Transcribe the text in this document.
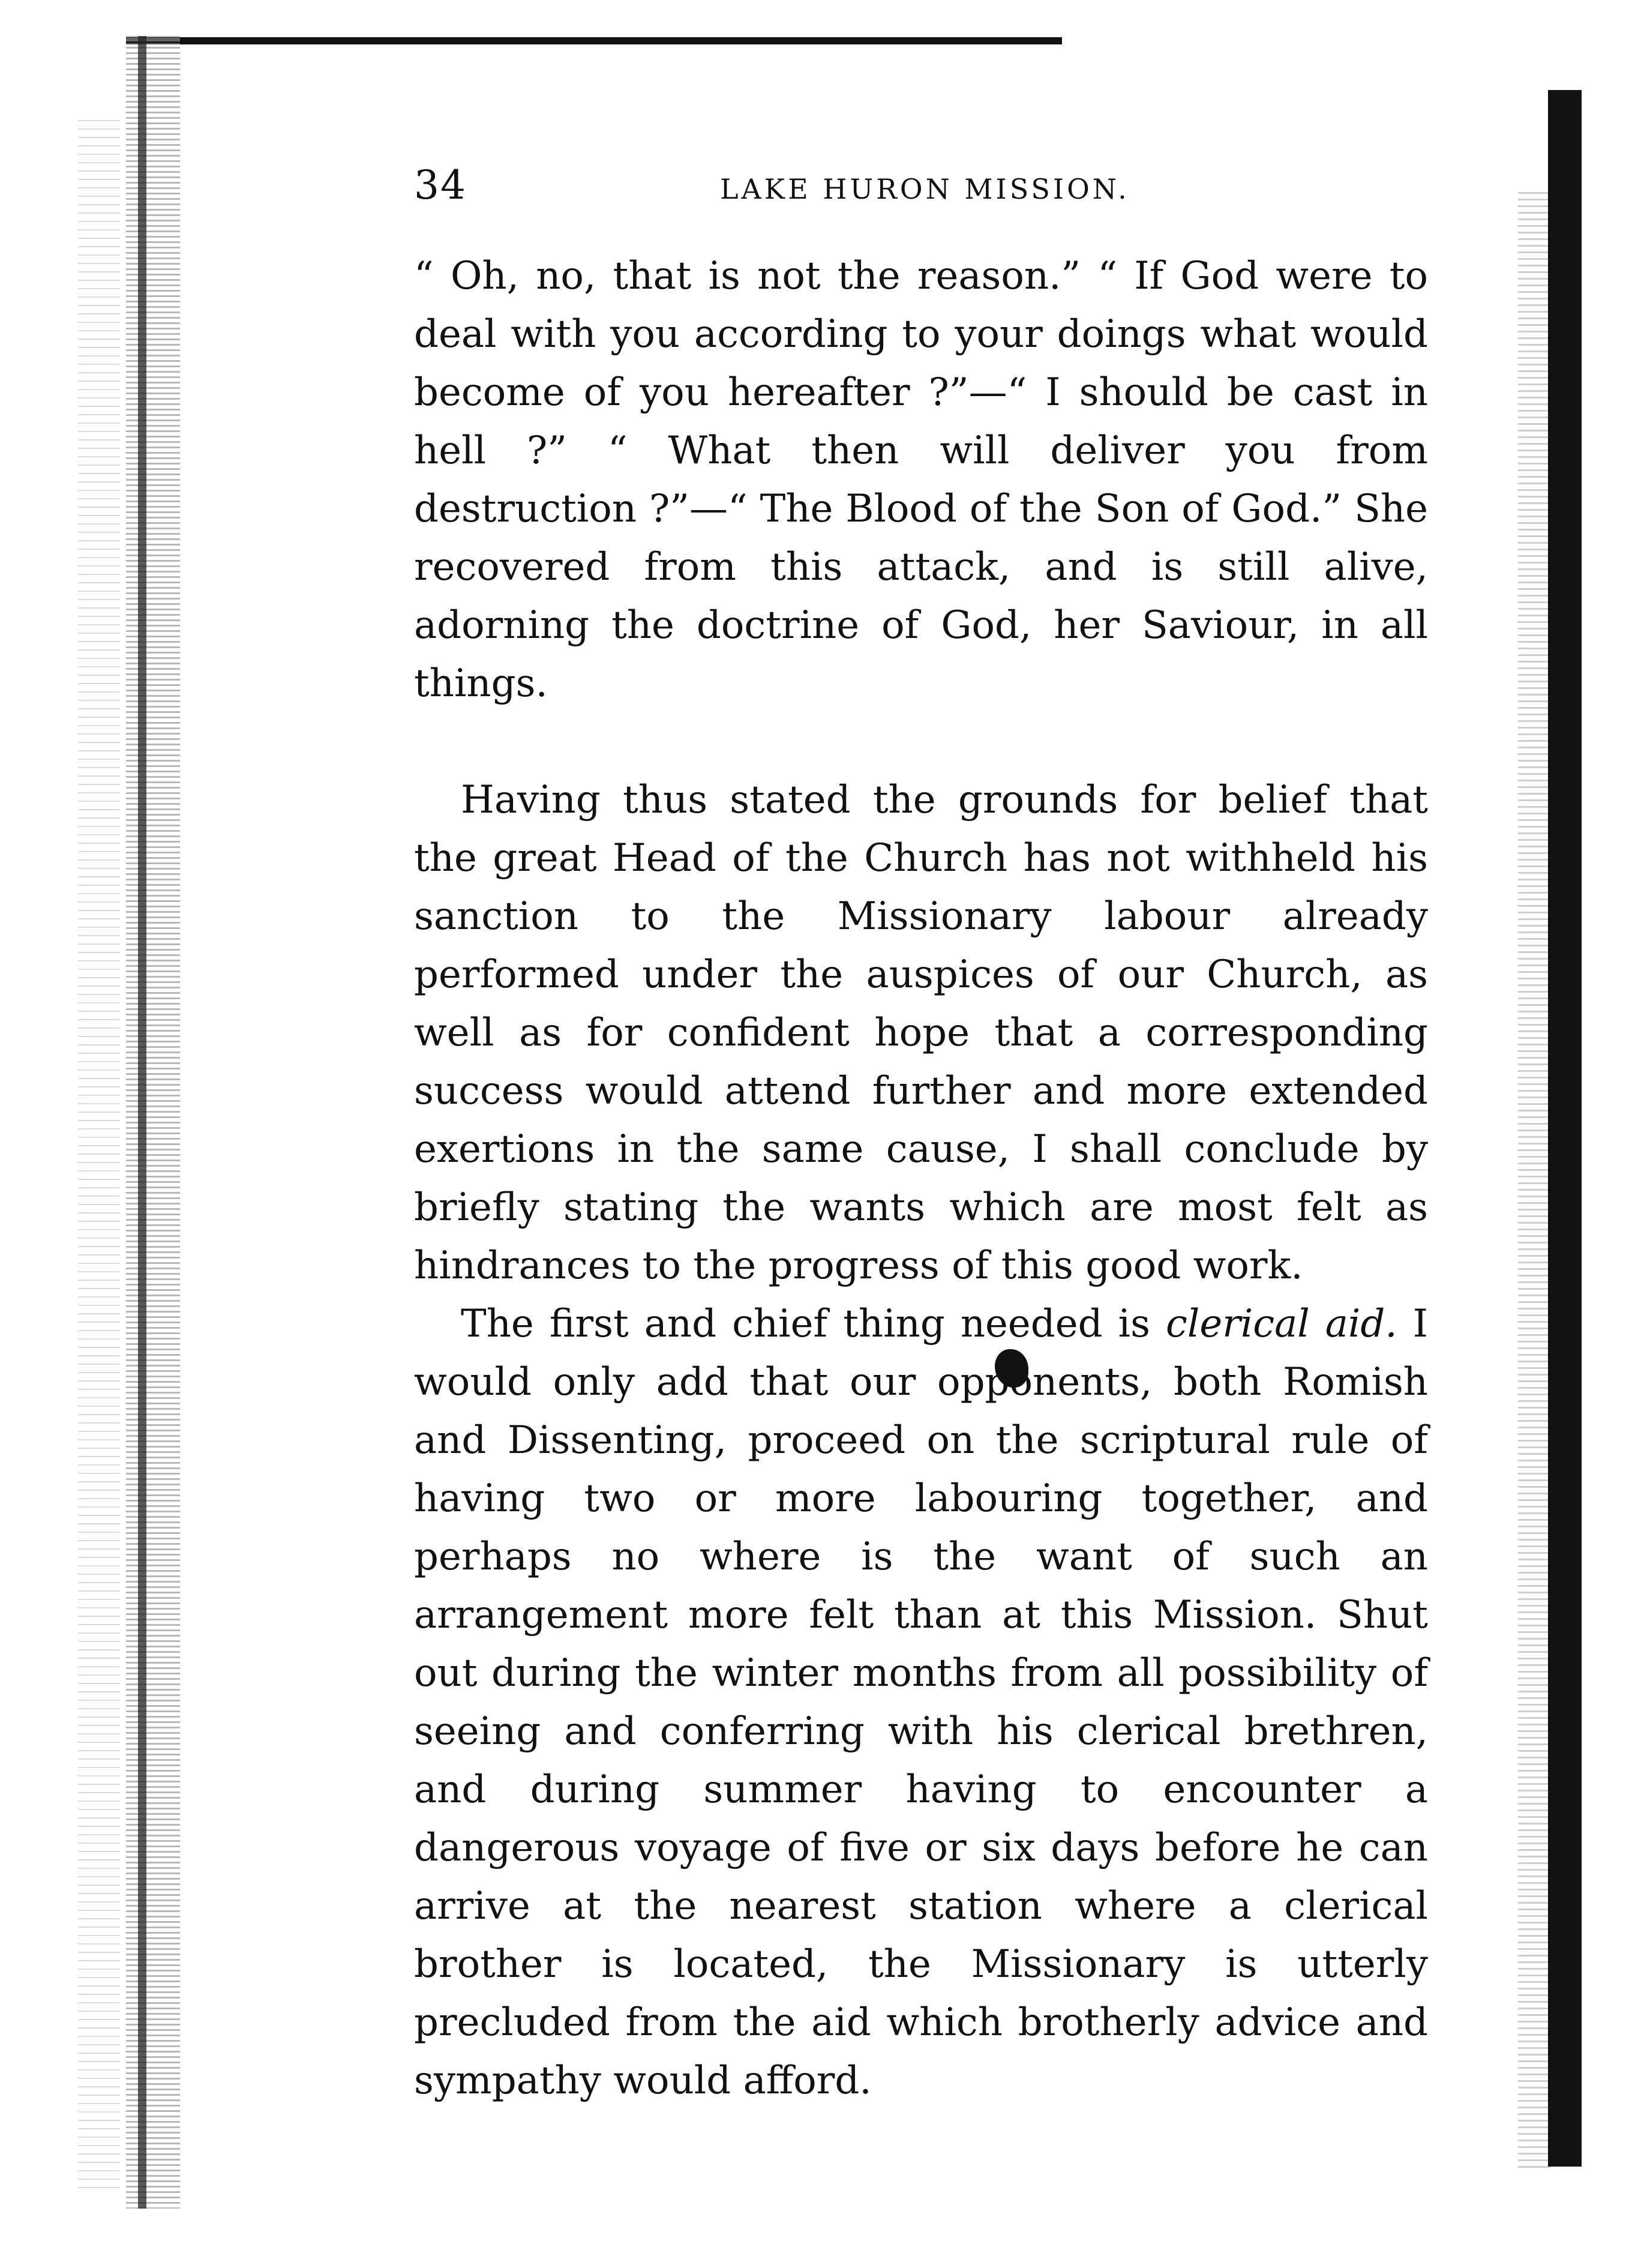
34	LAKE HURON MISSION.

“ Oh, no, that is not the reason.” “ If God were to deal with you according to your doings what would become of you hereafter ?”—“ I should be cast in hell ?” “ What then will deliver you from destruction ?”—“ The Blood of the Son of God.” She recovered from this attack, and is still alive, adorning the doctrine of God, her Saviour, in all things.

Having thus stated the grounds for belief that the great Head of the Church has not withheld his sanction to the Missionary labour already performed under the auspices of our Church, as well as for confident hope that a corresponding success would attend further and more extended exertions in the same cause, I shall conclude by briefly stating the wants which are most felt as hindrances to the progress of this good work.

The first and chief thing needed is clerical aid. I would only add that our opponents, both Romish and Dissenting, proceed on the scriptural rule of having two or more labouring together, and perhaps no where is the want of such an arrangement more felt than at this Mission. Shut out during the winter months from all possibility of seeing and conferring with his clerical brethren, and during summer having to encounter a dangerous voyage of five or six days before he can arrive at the nearest station where a clerical brother is located, the Missionary is utterly precluded from the aid which brotherly advice and sympathy would afford.
